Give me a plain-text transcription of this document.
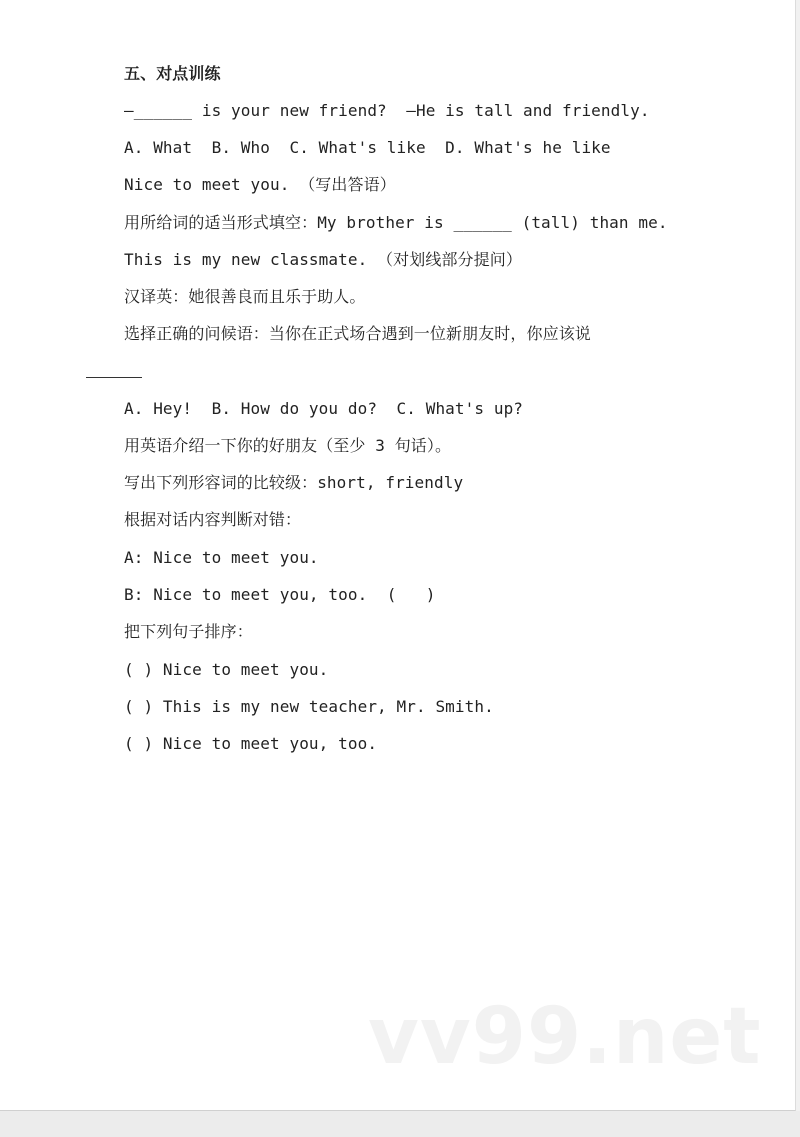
五、对点训练
—______ is your new friend?  —He is tall and friendly.
A. What  B. Who  C. What's like  D. What's he like
Nice to meet you. （写出答语）
用所给词的适当形式填空：My brother is ______ (tall) than me.
This is my new classmate. （对划线部分提问）
汉译英：她很善良而且乐于助人。
选择正确的问候语：当你在正式场合遇到一位新朋友时，你应该说
A. Hey!  B. How do you do?  C. What's up?
用英语介绍一下你的好朋友（至少 3 句话）。
写出下列形容词的比较级：short, friendly
根据对话内容判断对错：
A: Nice to meet you.
B: Nice to meet you, too.  (   )
把下列句子排序：
( ) Nice to meet you.
( ) This is my new teacher, Mr. Smith.
( ) Nice to meet you, too.
vv99.net
